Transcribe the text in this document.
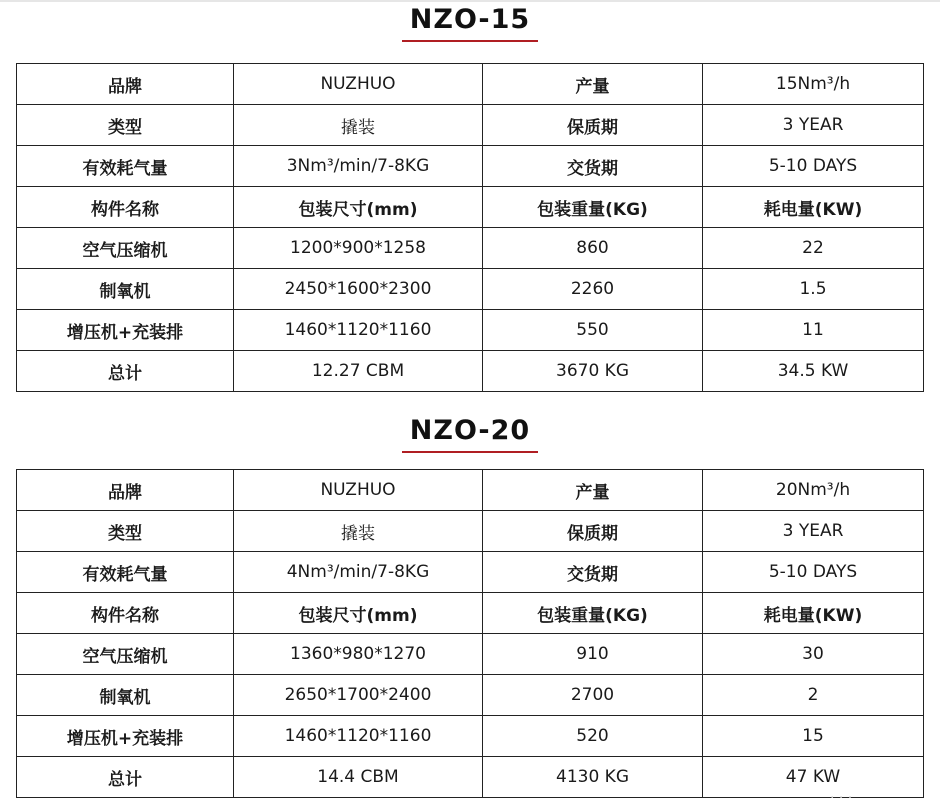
NZO-15
品牌	NUZHUO	产量	15Nm³/h
类型	撬装	保质期	3 YEAR
有效耗气量	3Nm³/min/7-8KG	交货期	5-10 DAYS
构件名称	包装尺寸(mm)	包装重量(KG)	耗电量(KW)
空气压缩机	1200*900*1258	860	22
制氧机	2450*1600*2300	2260	1.5
增压机+充装排	1460*1120*1160	550	11
总计	12.27 CBM	3670 KG	34.5 KW
NZO-20
品牌	NUZHUO	产量	20Nm³/h
类型	撬装	保质期	3 YEAR
有效耗气量	4Nm³/min/7-8KG	交货期	5-10 DAYS
构件名称	包装尺寸(mm)	包装重量(KG)	耗电量(KW)
空气压缩机	1360*980*1270	910	30
制氧机	2650*1700*2400	2700	2
增压机+充装排	1460*1120*1160	520	15
总计	14.4 CBM	4130 KG	47 KW
· · ·
